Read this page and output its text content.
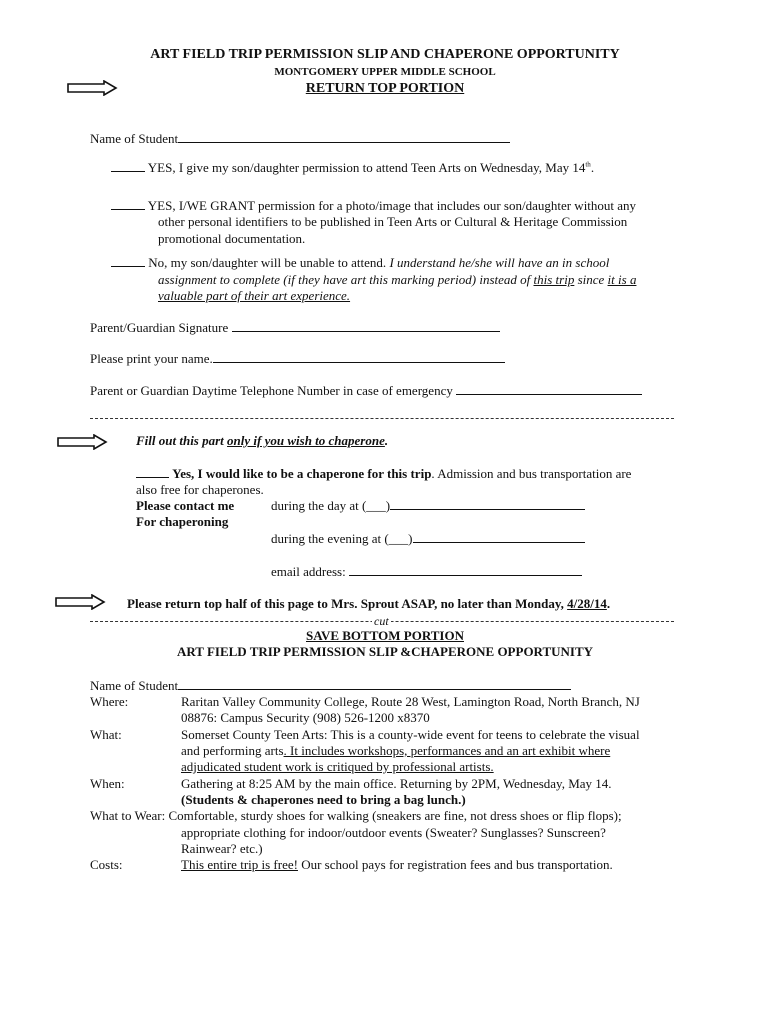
ART FIELD TRIP PERMISSION SLIP AND CHAPERONE OPPORTUNITY
MONTGOMERY UPPER MIDDLE SCHOOL
RETURN TOP PORTION
Name of Student
YES, I give my son/daughter permission to attend Teen Arts on Wednesday, May 14th.
YES, I/WE GRANT permission for a photo/image that includes our son/daughter without any
other personal identifiers to be published in Teen Arts or Cultural & Heritage Commission
promotional documentation.
No, my son/daughter will be unable to attend. I understand he/she will have an in school
assignment to complete (if they have art this marking period) instead of this trip since it is a
valuable part of their art experience.
Parent/Guardian Signature
Please print your name.
Parent or Guardian Daytime Telephone Number in case of emergency
Fill out this part only if you wish to chaperone.
Yes, I would like to be a chaperone for this trip. Admission and bus transportation are
also free for chaperones.
Please contact me
For chaperoning
during the day at (___)
during the evening at (___)
email address:
Please return top half of this page to Mrs. Sprout ASAP, no later than Monday, 4/28/14.
cut
SAVE BOTTOM PORTION
ART FIELD TRIP PERMISSION SLIP &CHAPERONE OPPORTUNITY
Name of Student
Where:	Raritan Valley Community College, Route 28 West, Lamington Road, North Branch, NJ
08876: Campus Security (908) 526-1200 x8370
What:	Somerset County Teen Arts: This is a county-wide event for teens to celebrate the visual
and performing arts. It includes workshops, performances and an art exhibit where
adjudicated student work is critiqued by professional artists.
When:	Gathering at 8:25 AM by the main office. Returning by 2PM, Wednesday, May 14.
(Students & chaperones need to bring a bag lunch.)
What to Wear: Comfortable, sturdy shoes for walking (sneakers are fine, not dress shoes or flip flops);
appropriate clothing for indoor/outdoor events (Sweater? Sunglasses? Sunscreen?
Rainwear? etc.)
Costs:	This entire trip is free! Our school pays for registration fees and bus transportation.
